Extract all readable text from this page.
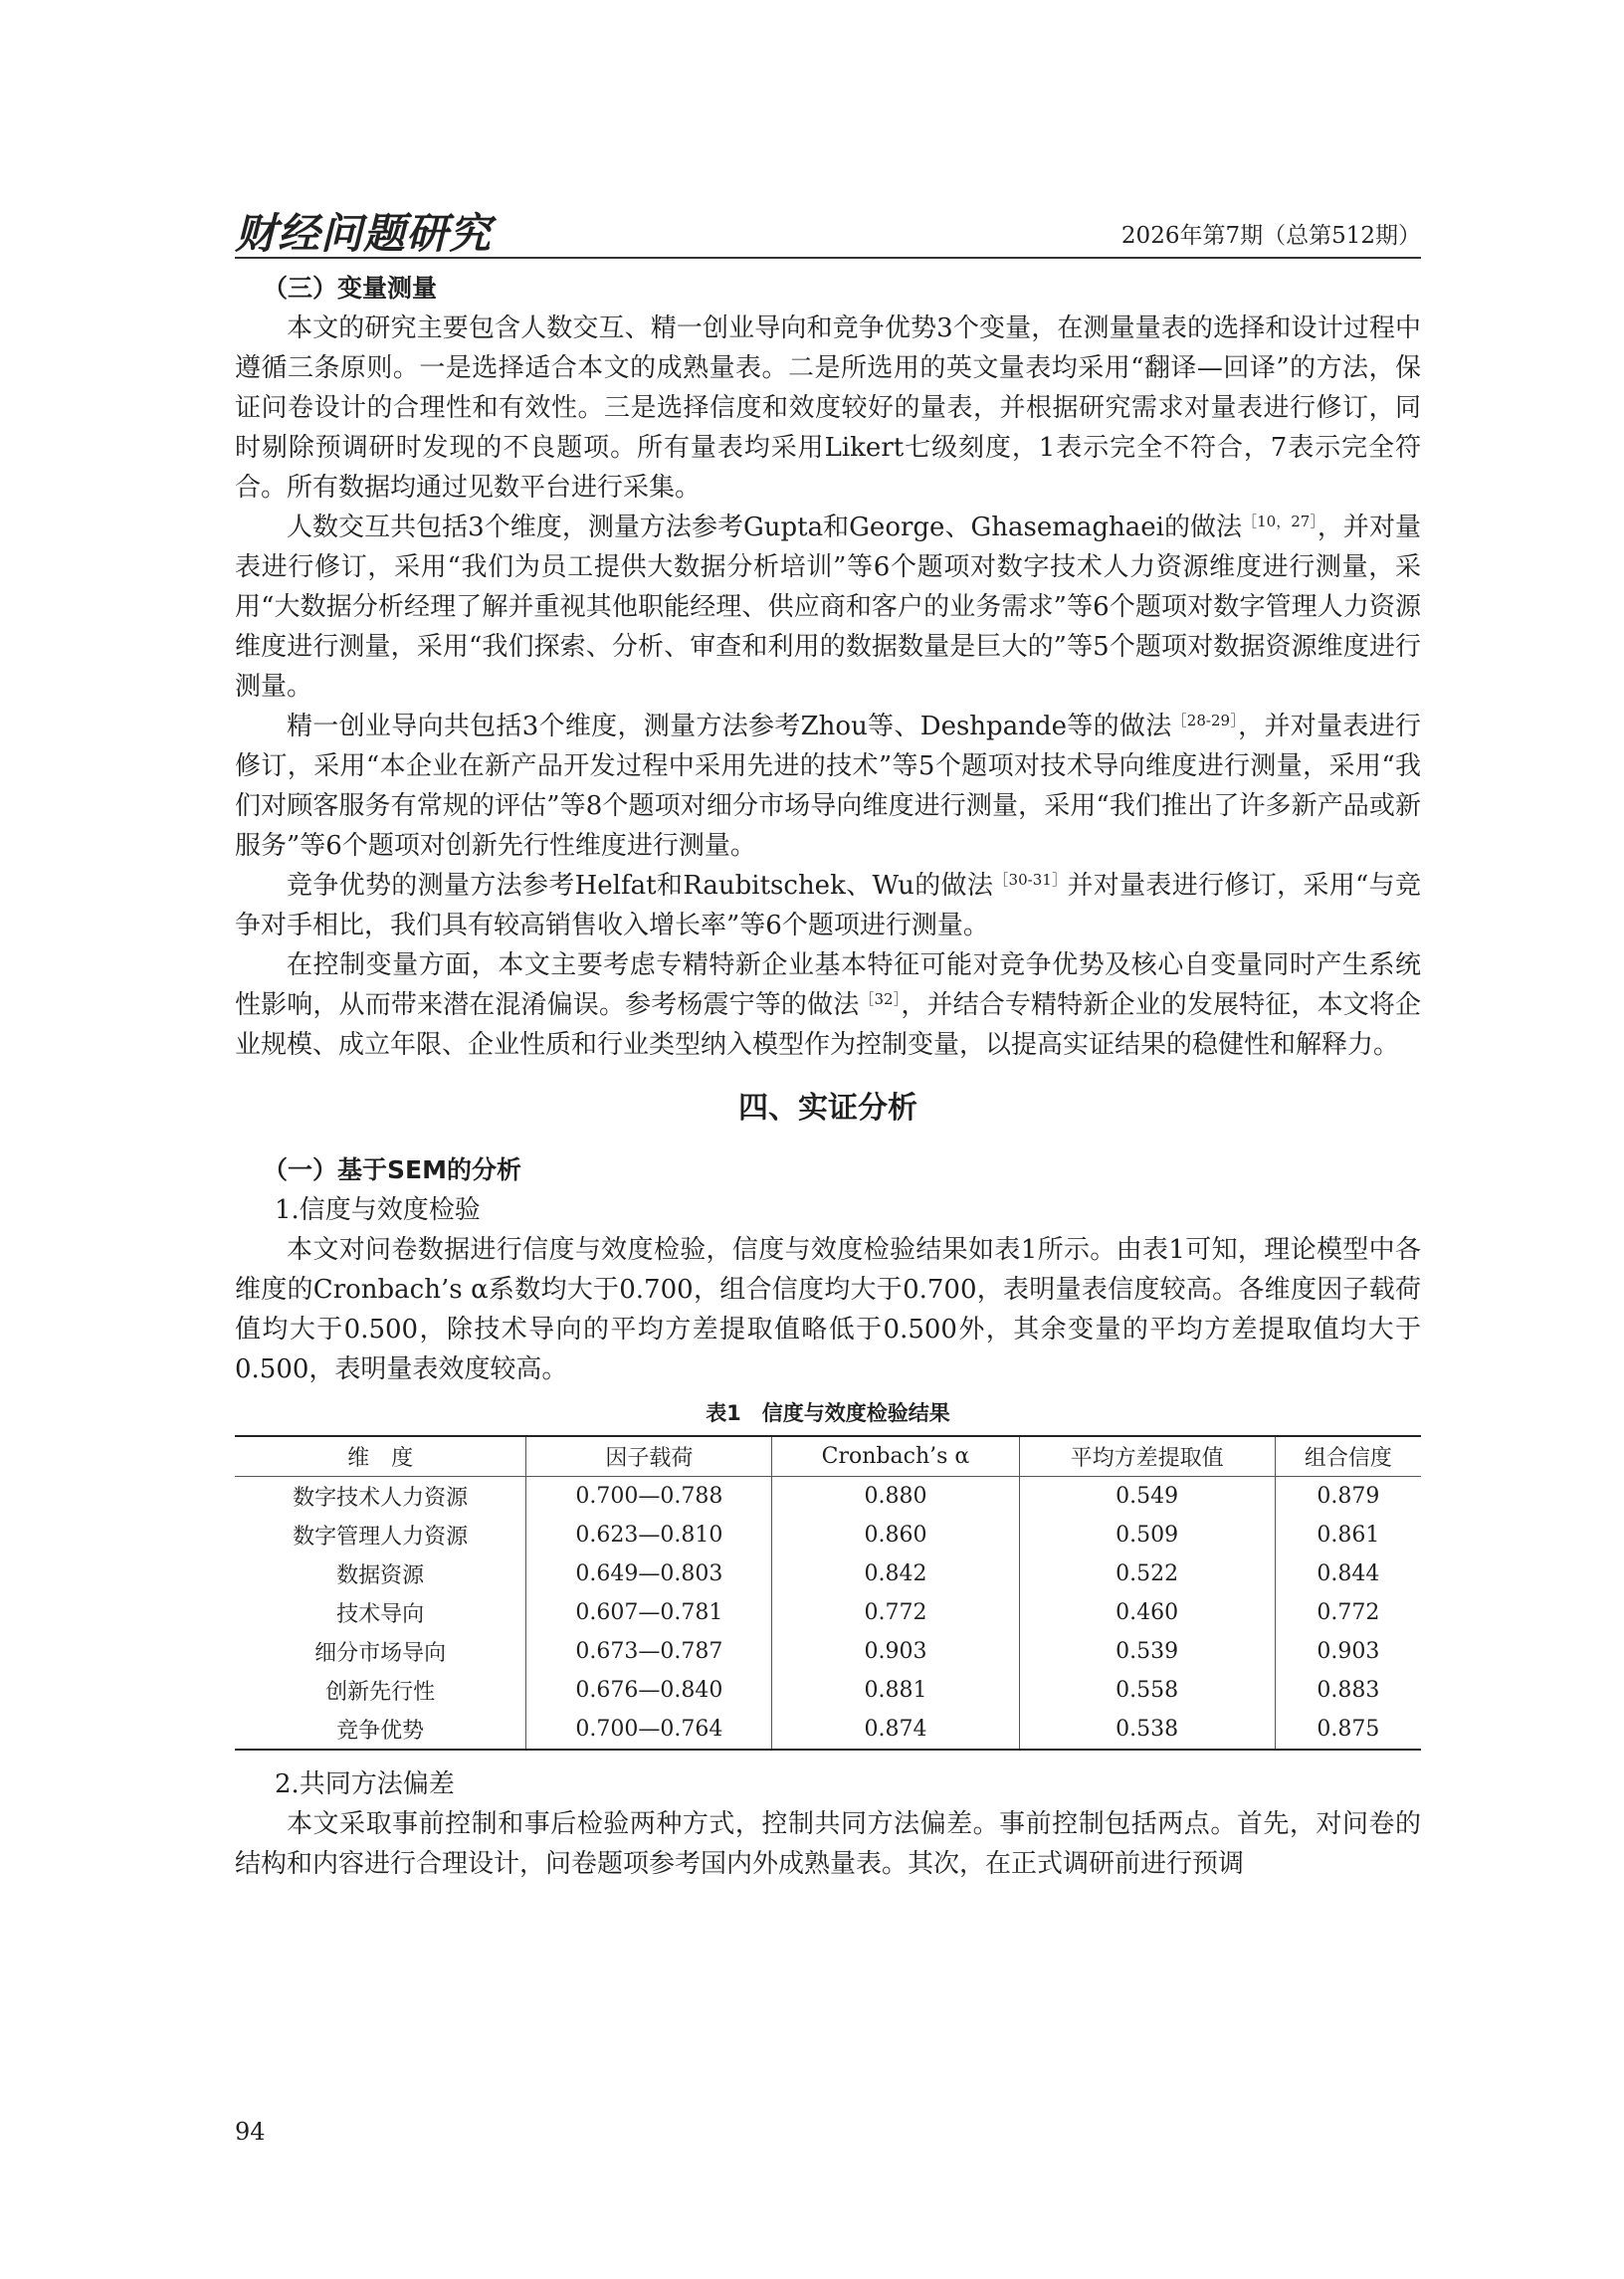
财经问题研究	2026年第7期（总第512期）
（三）变量测量

本文的研究主要包含人数交互、精一创业导向和竞争优势3个变量，在测量量表的选择和设计过程中遵循三条原则。一是选择适合本文的成熟量表。二是所选用的英文量表均采用“翻译—回译”的方法，保证问卷设计的合理性和有效性。三是选择信度和效度较好的量表，并根据研究需求对量表进行修订，同时剔除预调研时发现的不良题项。所有量表均采用Likert七级刻度，1表示完全不符合，7表示完全符合。所有数据均通过见数平台进行采集。

人数交互共包括3个维度，测量方法参考Gupta和George、Ghasemaghaei的做法$^{[10,27]}$，并对量表进行修订，采用“我们为员工提供大数据分析培训”等6个题项对数字技术人力资源维度进行测量，采用“大数据分析经理了解并重视其他职能经理、供应商和客户的业务需求”等6个题项对数字管理人力资源维度进行测量，采用“我们探索、分析、审查和利用的数据数量是巨大的”等5个题项对数据资源维度进行测量。

精一创业导向共包括3个维度，测量方法参考Zhou等、Deshpande等的做法$^{[28-29]}$，并对量表进行修订，采用“本企业在新产品开发过程中采用先进的技术”等5个题项对技术导向维度进行测量，采用“我们对顾客服务有常规的评估”等8个题项对细分市场导向维度进行测量，采用“我们推出了许多新产品或新服务”等6个题项对创新先行性维度进行测量。

竞争优势的测量方法参考Helfat和Raubitschek、Wu的做法$^{[30-31]}$并对量表进行修订，采用“与竞争对手相比，我们具有较高销售收入增长率”等6个题项进行测量。

在控制变量方面，本文主要考虑专精特新企业基本特征可能对竞争优势及核心自变量同时产生系统性影响，从而带来潜在混淆偏误。参考杨震宁等的做法$^{[32]}$，并结合专精特新企业的发展特征，本文将企业规模、成立年限、企业性质和行业类型纳入模型作为控制变量，以提高实证结果的稳健性和解释力。

四、实证分析
（一）基于SEM的分析
1.信度与效度检验

本文对问卷数据进行信度与效度检验，信度与效度检验结果如表1所示。由表1可知，理论模型中各维度的Cronbach’s α系数均大于0.700，组合信度均大于0.700，表明量表信度较高。各维度因子载荷值均大于0.500，除技术导向的平均方差提取值略低于0.500外，其余变量的平均方差提取值均大于0.500，表明量表效度较高。

表1　信度与效度检验结果
维　度	因子载荷	Cronbach’s α	平均方差提取值	组合信度
数字技术人力资源	0.700—0.788	0.880	0.549	0.879
数字管理人力资源	0.623—0.810	0.860	0.509	0.861
数据资源	0.649—0.803	0.842	0.522	0.844
技术导向	0.607—0.781	0.772	0.460	0.772
细分市场导向	0.673—0.787	0.903	0.539	0.903
创新先行性	0.676—0.840	0.881	0.558	0.883
竞争优势	0.700—0.764	0.874	0.538	0.875
2.共同方法偏差

本文采取事前控制和事后检验两种方式，控制共同方法偏差。事前控制包括两点。首先，对问卷的结构和内容进行合理设计，问卷题项参考国内外成熟量表。其次，在正式调研前进行预调

94
